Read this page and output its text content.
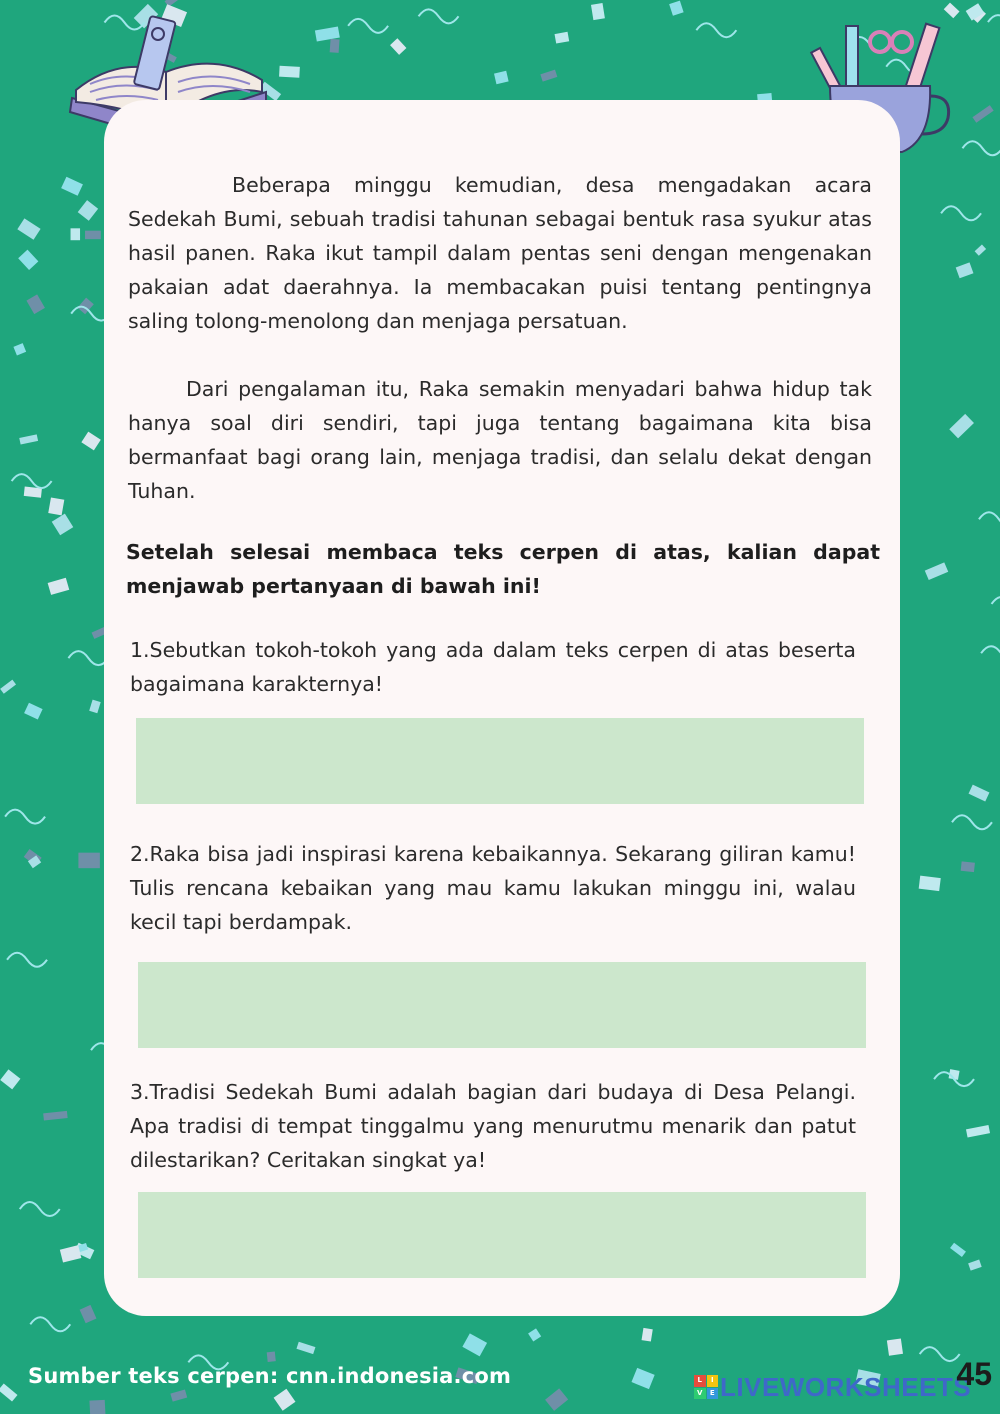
Beberapa minggu kemudian, desa mengadakan acara Sedekah Bumi, sebuah tradisi tahunan sebagai bentuk rasa syukur atas hasil panen. Raka ikut tampil dalam pentas seni dengan mengenakan pakaian adat daerahnya. Ia membacakan puisi tentang pentingnya saling tolong-menolong dan menjaga persatuan.

Dari pengalaman itu, Raka semakin menyadari bahwa hidup tak hanya soal diri sendiri, tapi juga tentang bagaimana kita bisa bermanfaat bagi orang lain, menjaga tradisi, dan selalu dekat dengan Tuhan.

Setelah selesai membaca teks cerpen di atas, kalian dapat menjawab pertanyaan di bawah ini!

1.Sebutkan tokoh-tokoh yang ada dalam teks cerpen di atas beserta bagaimana karakternya!

2.Raka bisa jadi inspirasi karena kebaikannya. Sekarang giliran kamu! Tulis rencana kebaikan yang mau kamu lakukan minggu ini, walau kecil tapi berdampak.

3.Tradisi Sedekah Bumi adalah bagian dari budaya di Desa Pelangi. Apa tradisi di tempat tinggalmu yang menurutmu menarik dan patut dilestarikan? Ceritakan singkat ya!

Sumber teks cerpen: cnn.indonesia.com	L	I
V	E LIVEWORKSHEETS
45
